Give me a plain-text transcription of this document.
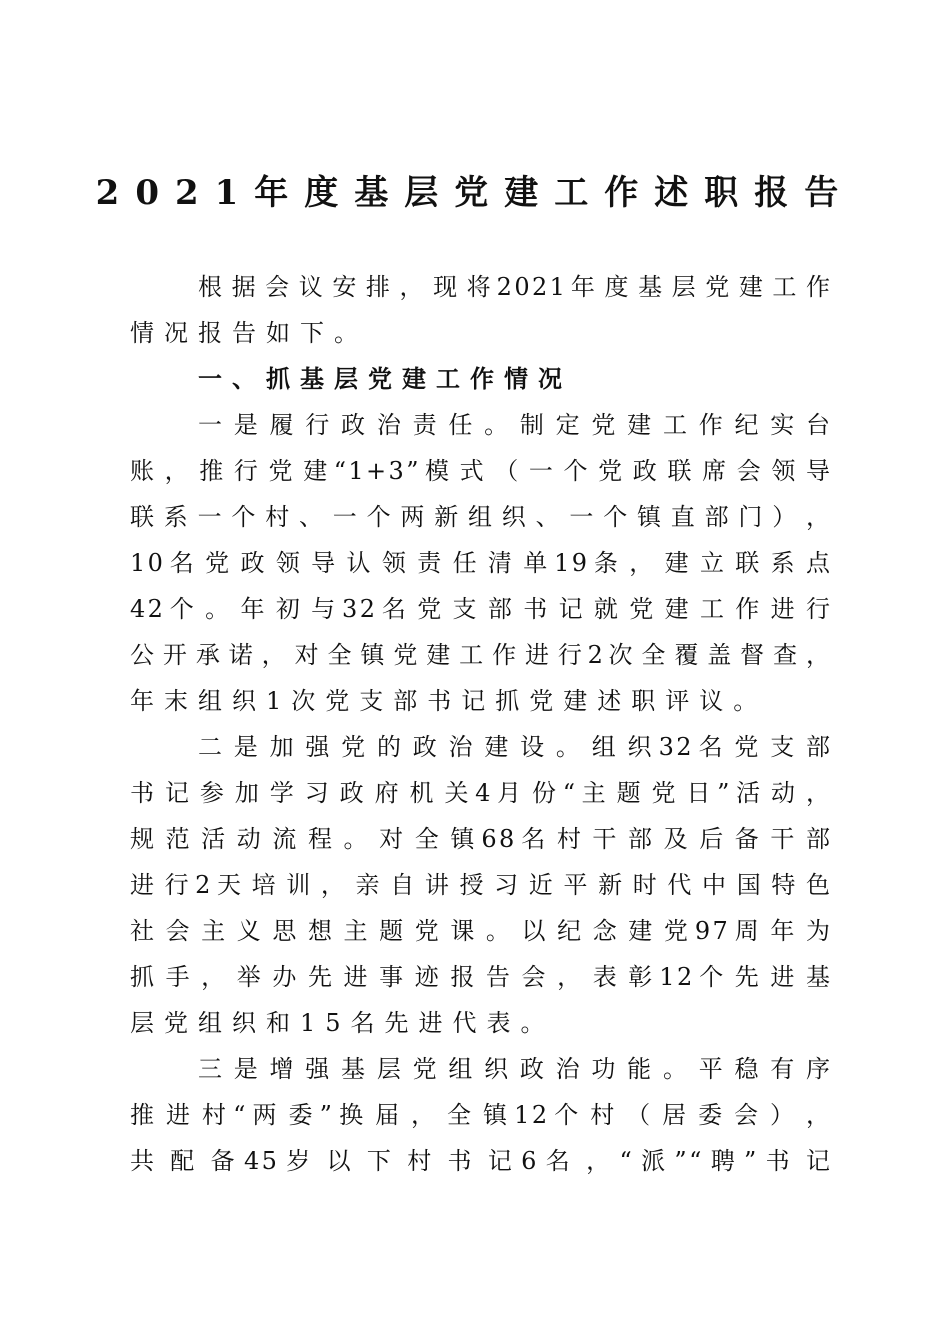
2021年度基层党建工作述职报告
根 据 会 议 安 排 ， 现 将 2 0 2 1 年 度 基 层 党 建 工 作
情况报告如下。
一、抓基层党建工作情况
一 是 履 行 政 治 责 任 。 制 定 党 建 工 作 纪 实 台
账 ， 推 行 党 建 “ 1 + 3 ” 模 式 （ 一 个 党 政 联 席 会 领 导
联 系 一 个 村 、 一 个 两 新 组 织 、 一 个 镇 直 部 门 ） ，
1 0 名 党 政 领 导 认 领 责 任 清 单 1 9 条 ， 建 立 联 系 点
4 2 个 。 年 初 与 3 2 名 党 支 部 书 记 就 党 建 工 作 进 行
公 开 承 诺 ， 对 全 镇 党 建 工 作 进 行 2 次 全 覆 盖 督 查 ，
年末组织1次党支部书记抓党建述职评议。
二 是 加 强 党 的 政 治 建 设 。 组 织 3 2 名 党 支 部
书 记 参 加 学 习 政 府 机 关 4 月 份 “ 主 题 党 日 ” 活 动 ，
规 范 活 动 流 程 。 对 全 镇 6 8 名 村 干 部 及 后 备 干 部
进 行 2 天 培 训 ， 亲 自 讲 授 习 近 平 新 时 代 中 国 特 色
社 会 主 义 思 想 主 题 党 课 。 以 纪 念 建 党 9 7 周 年 为
抓 手 ， 举 办 先 进 事 迹 报 告 会 ， 表 彰 1 2 个 先 进 基
层党组织和15名先进代表。
三 是 增 强 基 层 党 组 织 政 治 功 能 。 平 稳 有 序
推 进 村 “ 两 委 ” 换 届 ， 全 镇 1 2 个 村 （ 居 委 会 ） ，
共 配 备 4 5 岁 以 下 村 书 记 6 名 ， “ 派 ” “ 聘 ” 书 记
